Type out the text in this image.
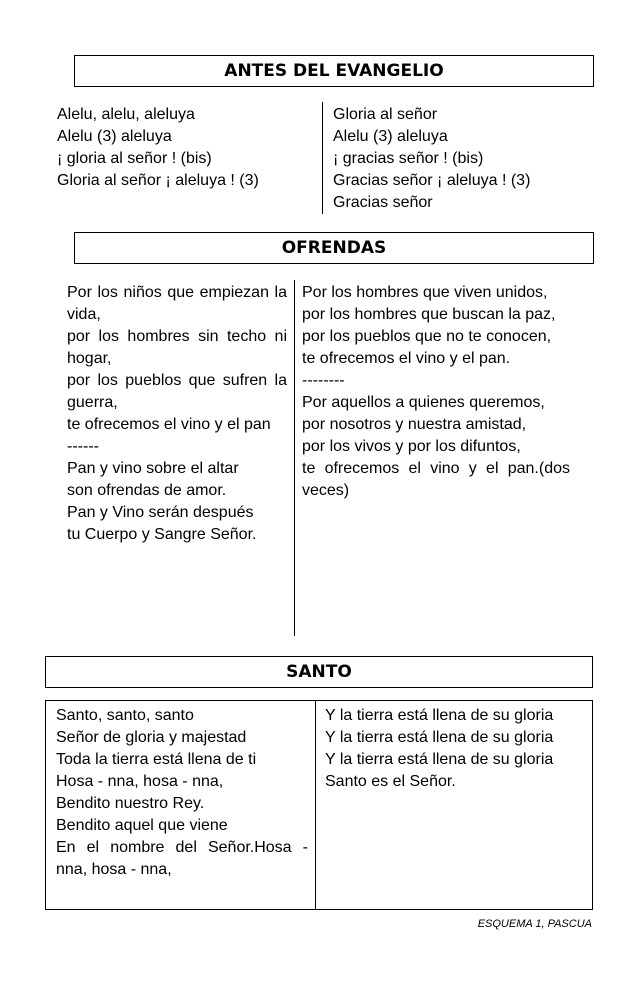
ANTES DEL EVANGELIO
Alelu, alelu, aleluya
Alelu (3) aleluya
¡ gloria al señor ! (bis)
Gloria al señor ¡ aleluya ! (3)
Gloria al señor
Alelu (3) aleluya
¡ gracias señor ! (bis)
Gracias señor ¡ aleluya ! (3)
Gracias señor
OFRENDAS
Por los niños que empiezan la vida,
por los hombres sin techo ni hogar,
por los pueblos que sufren la guerra,
te ofrecemos el vino y el pan
------
Pan y vino sobre el altar
son ofrendas de amor.
Pan y Vino serán después
tu Cuerpo y Sangre Señor.
Por los hombres que viven unidos,
por los hombres que buscan la paz,
por los pueblos que no te conocen,
te ofrecemos el vino y el pan.
--------
Por aquellos a quienes queremos,
por nosotros y nuestra amistad,
por los vivos y por los difuntos,
te ofrecemos el vino y el pan.(dos veces)
SANTO
Santo, santo, santo
Señor de gloria y majestad
Toda la tierra está llena de ti
Hosa - nna, hosa - nna,
Bendito nuestro Rey.
Bendito aquel que viene
En el nombre del Señor.Hosa - nna, hosa - nna,
Y la tierra está llena de su gloria
Y la tierra está llena de su gloria
Y la tierra está llena de su gloria
Santo es el Señor.
ESQUEMA 1, PASCUA
